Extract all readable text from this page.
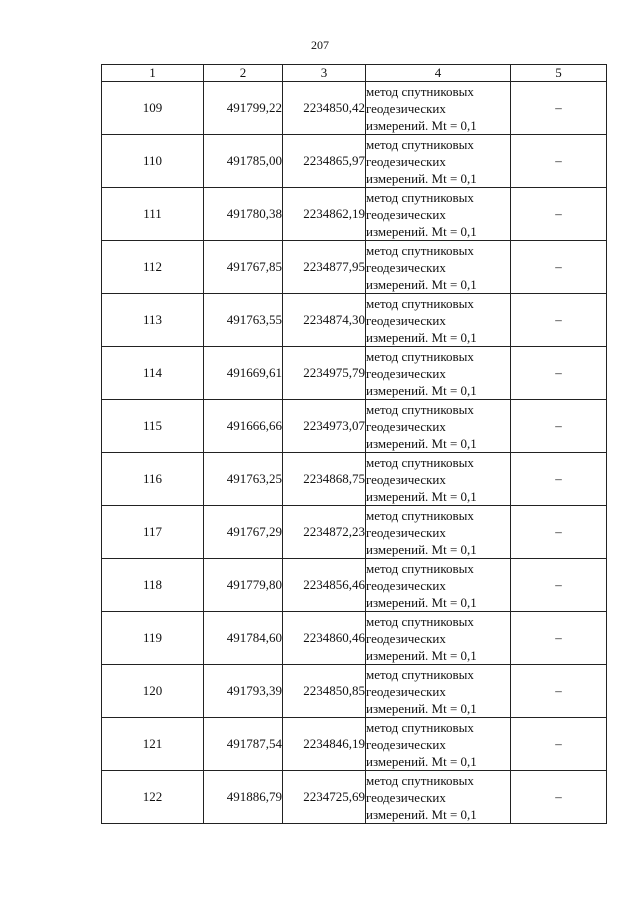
207
1	2	3	4	5
109	491799,22	2234850,42	метод спутниковых
геодезических
измерений. Mt = 0,1	–
110	491785,00	2234865,97	метод спутниковых
геодезических
измерений. Mt = 0,1	–
111	491780,38	2234862,19	метод спутниковых
геодезических
измерений. Mt = 0,1	–
112	491767,85	2234877,95	метод спутниковых
геодезических
измерений. Mt = 0,1	–
113	491763,55	2234874,30	метод спутниковых
геодезических
измерений. Mt = 0,1	–
114	491669,61	2234975,79	метод спутниковых
геодезических
измерений. Mt = 0,1	–
115	491666,66	2234973,07	метод спутниковых
геодезических
измерений. Mt = 0,1	–
116	491763,25	2234868,75	метод спутниковых
геодезических
измерений. Mt = 0,1	–
117	491767,29	2234872,23	метод спутниковых
геодезических
измерений. Mt = 0,1	–
118	491779,80	2234856,46	метод спутниковых
геодезических
измерений. Mt = 0,1	–
119	491784,60	2234860,46	метод спутниковых
геодезических
измерений. Mt = 0,1	–
120	491793,39	2234850,85	метод спутниковых
геодезических
измерений. Mt = 0,1	–
121	491787,54	2234846,19	метод спутниковых
геодезических
измерений. Mt = 0,1	–
122	491886,79	2234725,69	метод спутниковых
геодезических
измерений. Mt = 0,1	–
